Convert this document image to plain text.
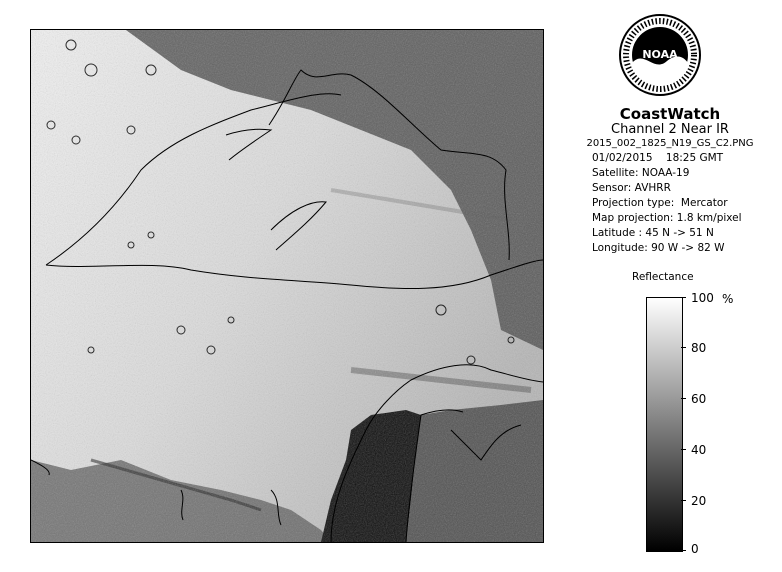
NOAA
CoastWatch
Channel 2 Near IR
2015_002_1825_N19_GS_C2.PNG
01/02/2015 18:25 GMT
Satellite: NOAA-19
Sensor: AVHRR
Projection type:  Mercator
Map projection: 1.8 km/pixel
Latitude : 45 N -> 51 N
Longitude: 90 W -> 82 W
Reflectance
%
100
80
60
40
20
0
